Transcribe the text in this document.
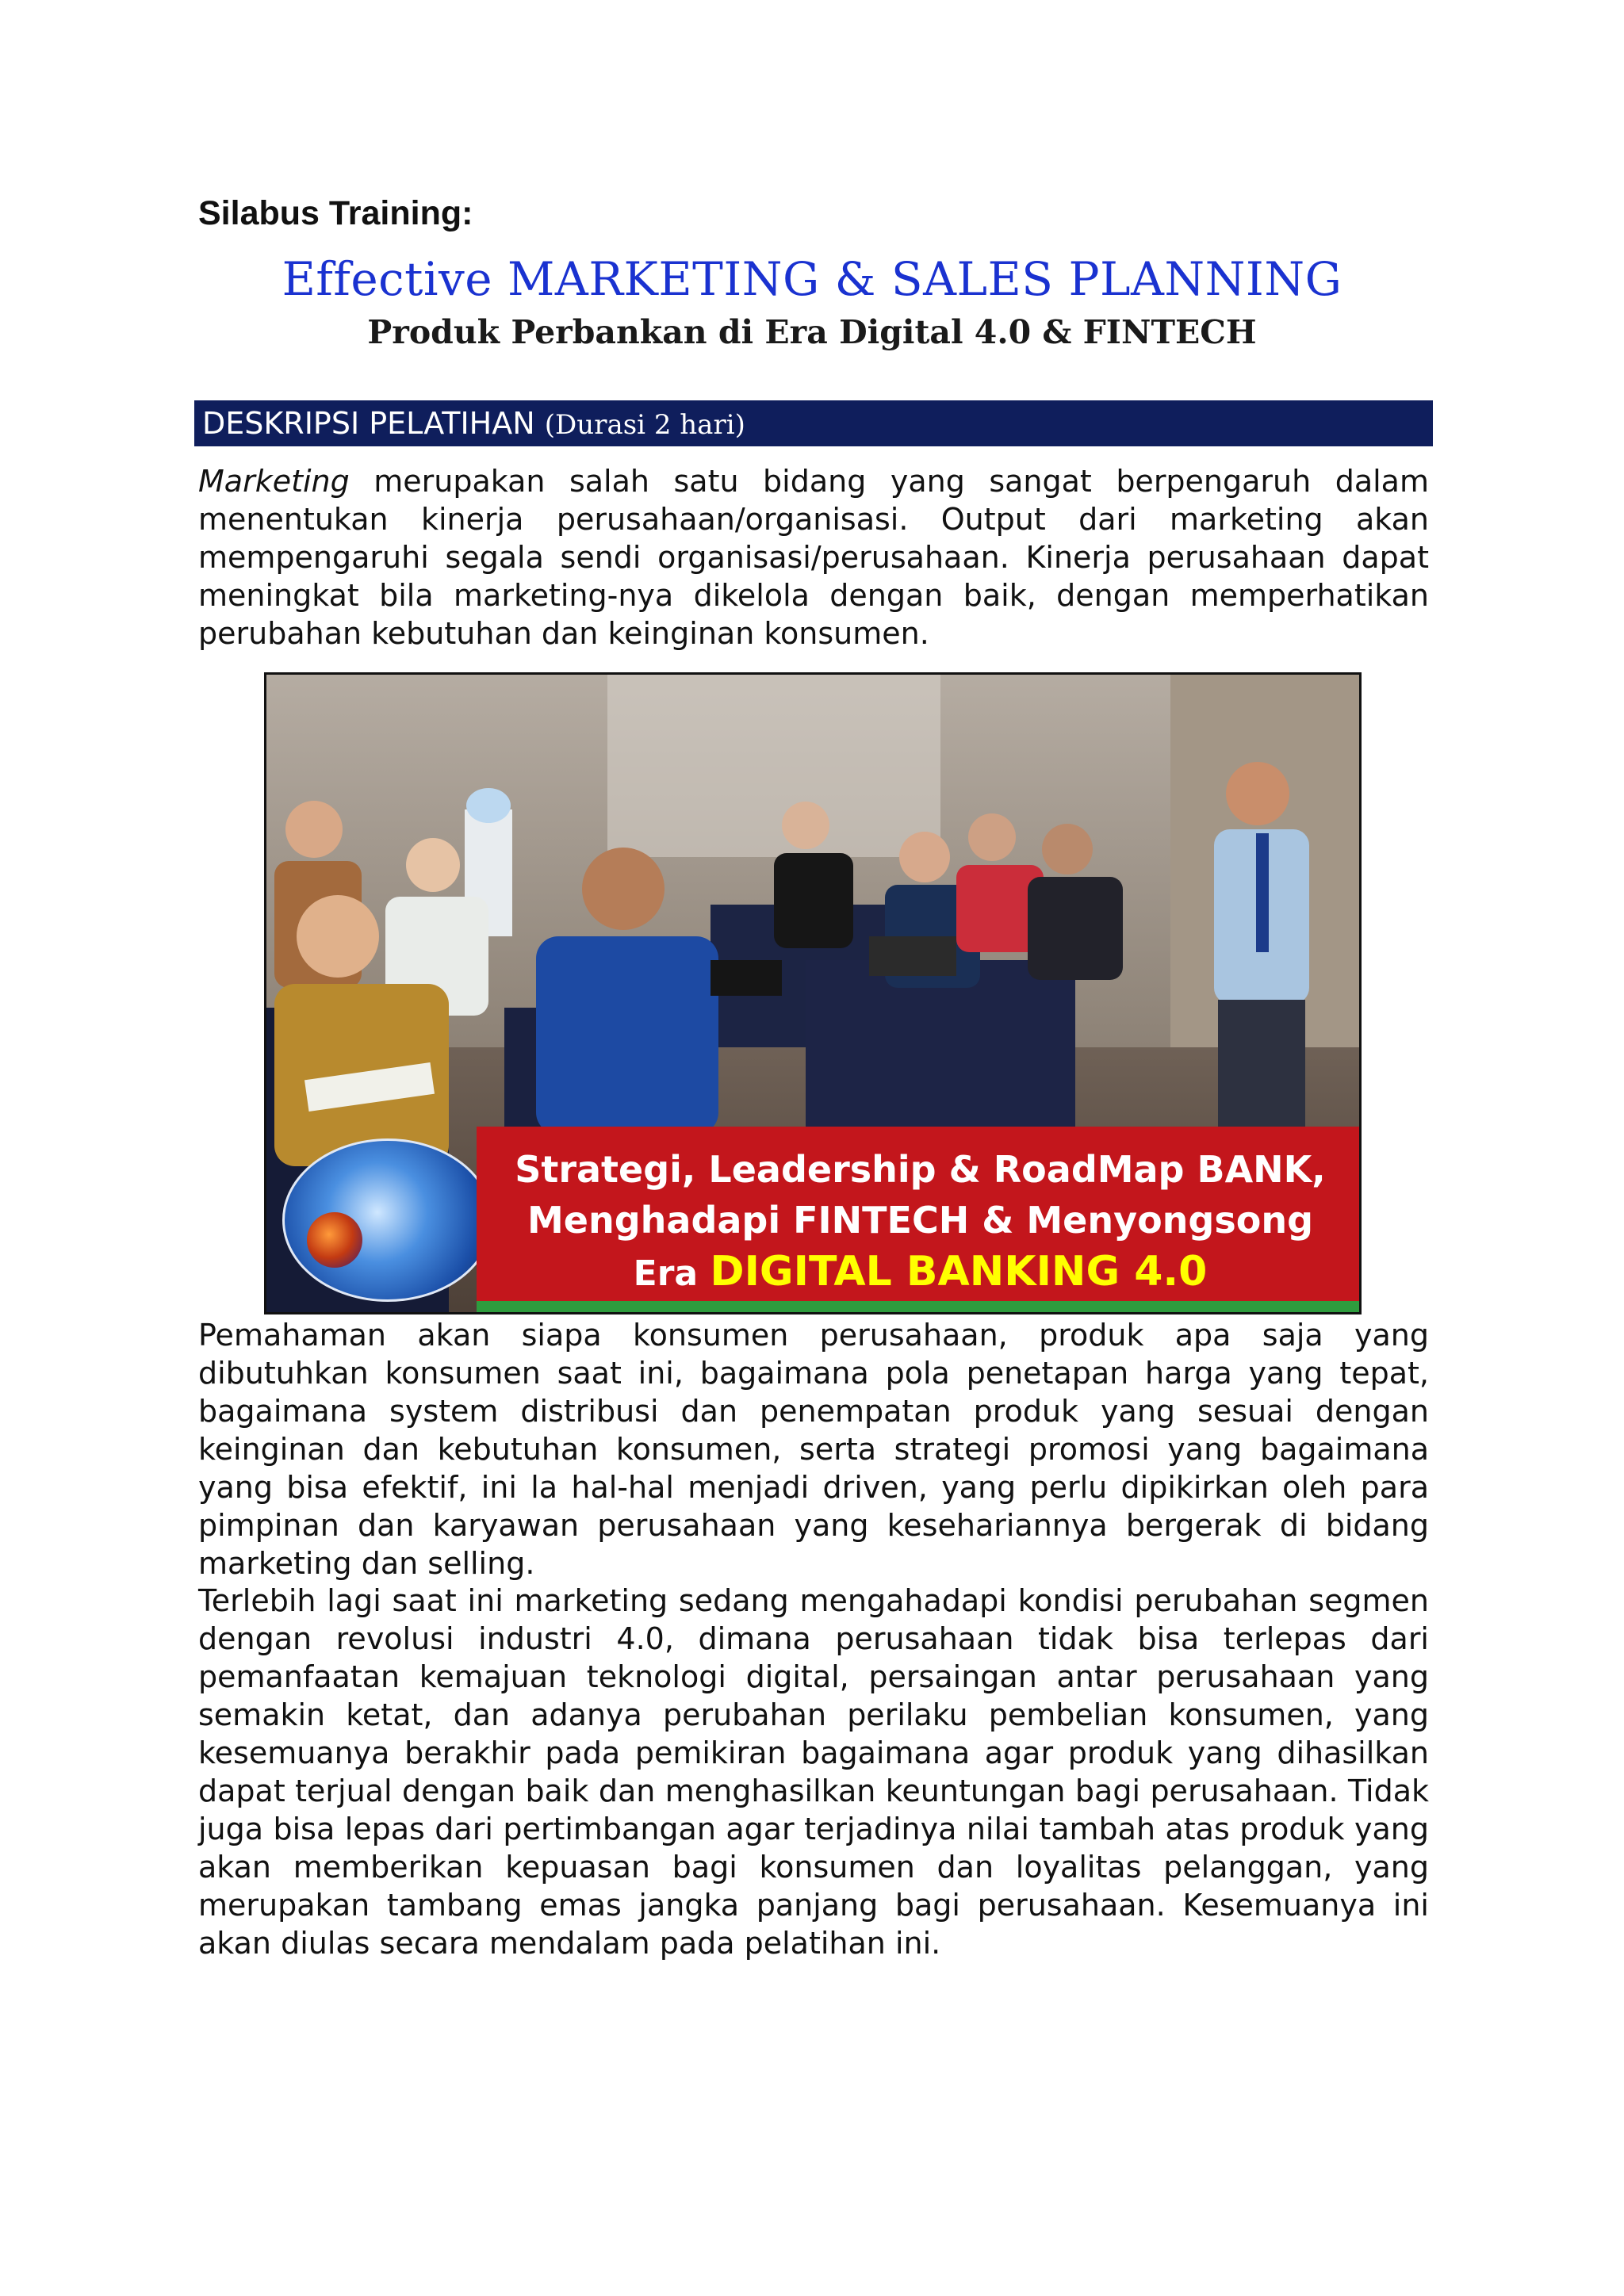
Silabus Training:
Effective MARKETING & SALES PLANNING
Produk Perbankan di Era Digital 4.0 & FINTECH
DESKRIPSI PELATIHAN (Durasi 2 hari)

Marketing merupakan salah satu bidang yang sangat berpengaruh dalam menentukan kinerja perusahaan/organisasi. Output dari marketing akan mempengaruhi segala sendi organisasi/perusahaan. Kinerja perusahaan dapat meningkat bila marketing-nya dikelola dengan baik, dengan memperhatikan perubahan kebutuhan dan keinginan konsumen.

Strategi, Leadership & RoadMap BANK,
Menghadapi FINTECH & Menyongsong
Era DIGITAL BANKING 4.0

Pemahaman akan siapa konsumen perusahaan, produk apa saja yang dibutuhkan konsumen saat ini, bagaimana pola penetapan harga yang tepat, bagaimana system distribusi dan penempatan produk yang sesuai dengan keinginan dan kebutuhan konsumen, serta strategi promosi yang bagaimana yang bisa efektif, ini la hal-hal menjadi driven, yang perlu dipikirkan oleh para pimpinan dan karyawan perusahaan yang kesehariannya bergerak di bidang marketing dan selling.

Terlebih lagi saat ini marketing sedang mengahadapi kondisi perubahan segmen dengan revolusi industri 4.0, dimana perusahaan tidak bisa terlepas dari pemanfaatan kemajuan teknologi digital, persaingan antar perusahaan yang semakin ketat, dan adanya perubahan perilaku pembelian konsumen, yang kesemuanya berakhir pada pemikiran bagaimana agar produk yang dihasilkan dapat terjual dengan baik dan menghasilkan keuntungan bagi perusahaan. Tidak juga bisa lepas dari pertimbangan agar terjadinya nilai tambah atas produk yang akan memberikan kepuasan bagi konsumen dan loyalitas pelanggan, yang merupakan tambang emas jangka panjang bagi perusahaan. Kesemuanya ini akan diulas secara mendalam pada pelatihan ini.
